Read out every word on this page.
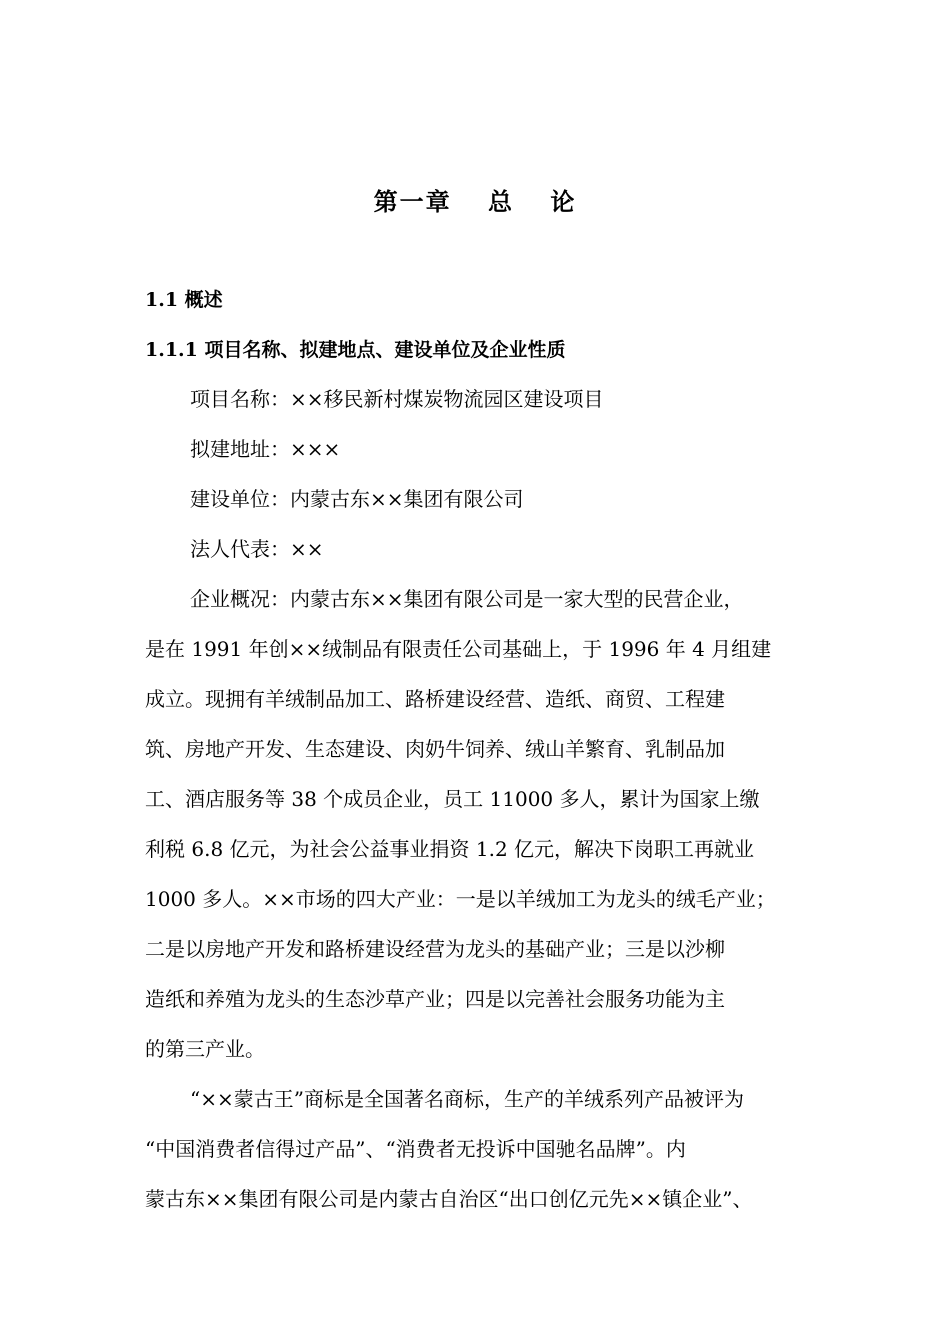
第一章　 总 　论
1.1 概述
1.1.1 项目名称、拟建地点、建设单位及企业性质
项目名称：××移民新村煤炭物流园区建设项目
拟建地址：×××
建设单位：内蒙古东××集团有限公司
法人代表：××
企业概况：内蒙古东××集团有限公司是一家大型的民营企业，
是在 1991 年创××绒制品有限责任公司基础上，于 1996 年 4 月组建
成立。现拥有羊绒制品加工、路桥建设经营、造纸、商贸、工程建
筑、房地产开发、生态建设、肉奶牛饲养、绒山羊繁育、乳制品加
工、酒店服务等 38 个成员企业，员工 11000 多人，累计为国家上缴
利税 6.8 亿元，为社会公益事业捐资 1.2 亿元，解决下岗职工再就业
1000 多人。××市场的四大产业：一是以羊绒加工为龙头的绒毛产业；
二是以房地产开发和路桥建设经营为龙头的基础产业；三是以沙柳
造纸和养殖为龙头的生态沙草产业；四是以完善社会服务功能为主
的第三产业。
“××蒙古王”商标是全国著名商标，生产的羊绒系列产品被评为
“中国消费者信得过产品”、“消费者无投诉中国驰名品牌”。内
蒙古东××集团有限公司是内蒙古自治区“出口创亿元先××镇企业”、
